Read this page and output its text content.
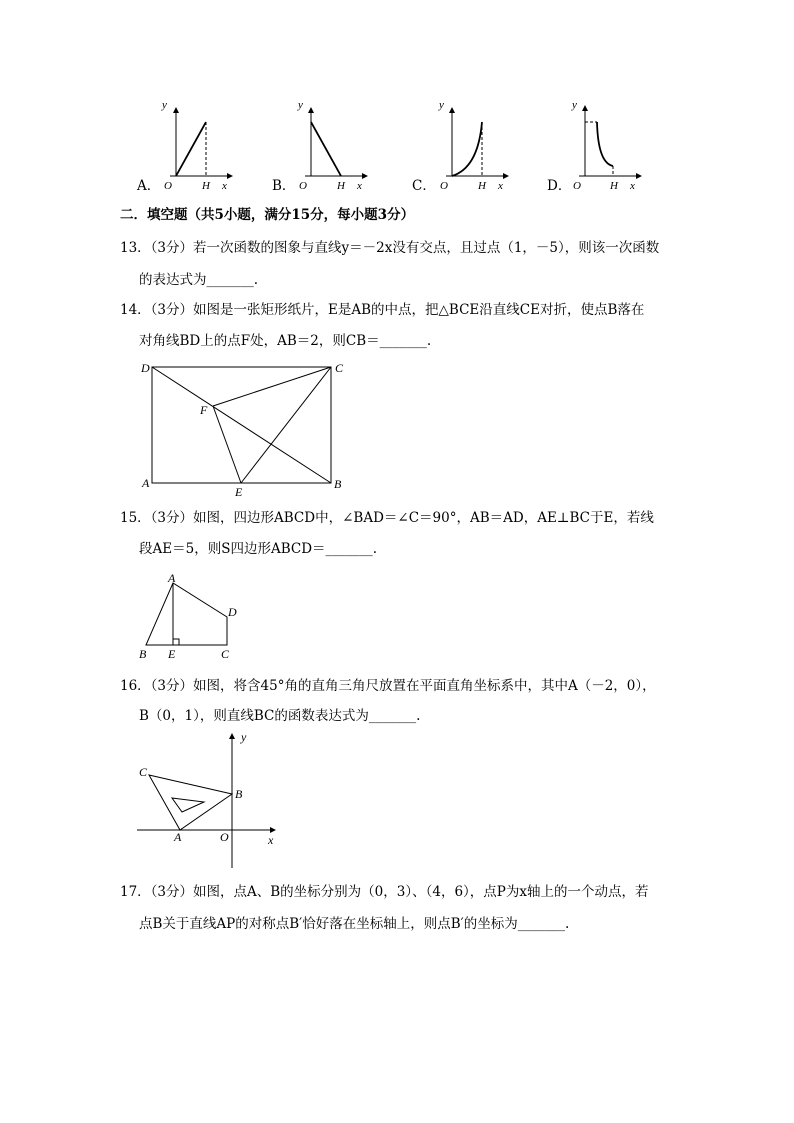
A．	B．	C．	D．
y
O	H x
y
O	H x
y
O	H x
y
O	H x
二．填空题（共5小题，满分15分，每小题3分）
13．（3分）若一次函数的图象与直线y＝－2x没有交点，且过点（1，－5），则该一次函数
的表达式为_______.
14．（3分）如图是一张矩形纸片，E是AB的中点，把△BCE沿直线CE对折，使点B落在
对角线BD上的点F处，AB＝2，则CB＝_______.
D	C
F
A
E
B
15．（3分）如图，四边形ABCD中，∠BAD＝∠C＝90°，AB＝AD，AE⊥BC于E，若线
段AE＝5，则S四边形ABCD＝_______.
A
D
B E	C
16．（3分）如图，将含45°角的直角三角尺放置在平面直角坐标系中，其中A（－2，0），
B（0，1），则直线BC的函数表达式为_______.
y
C
B
A	O	x
17．（3分）如图，点A、B的坐标分别为（0，3）、（4，6），点P为x轴上的一个动点，若
点B关于直线AP的对称点B′恰好落在坐标轴上，则点B′的坐标为_______.
